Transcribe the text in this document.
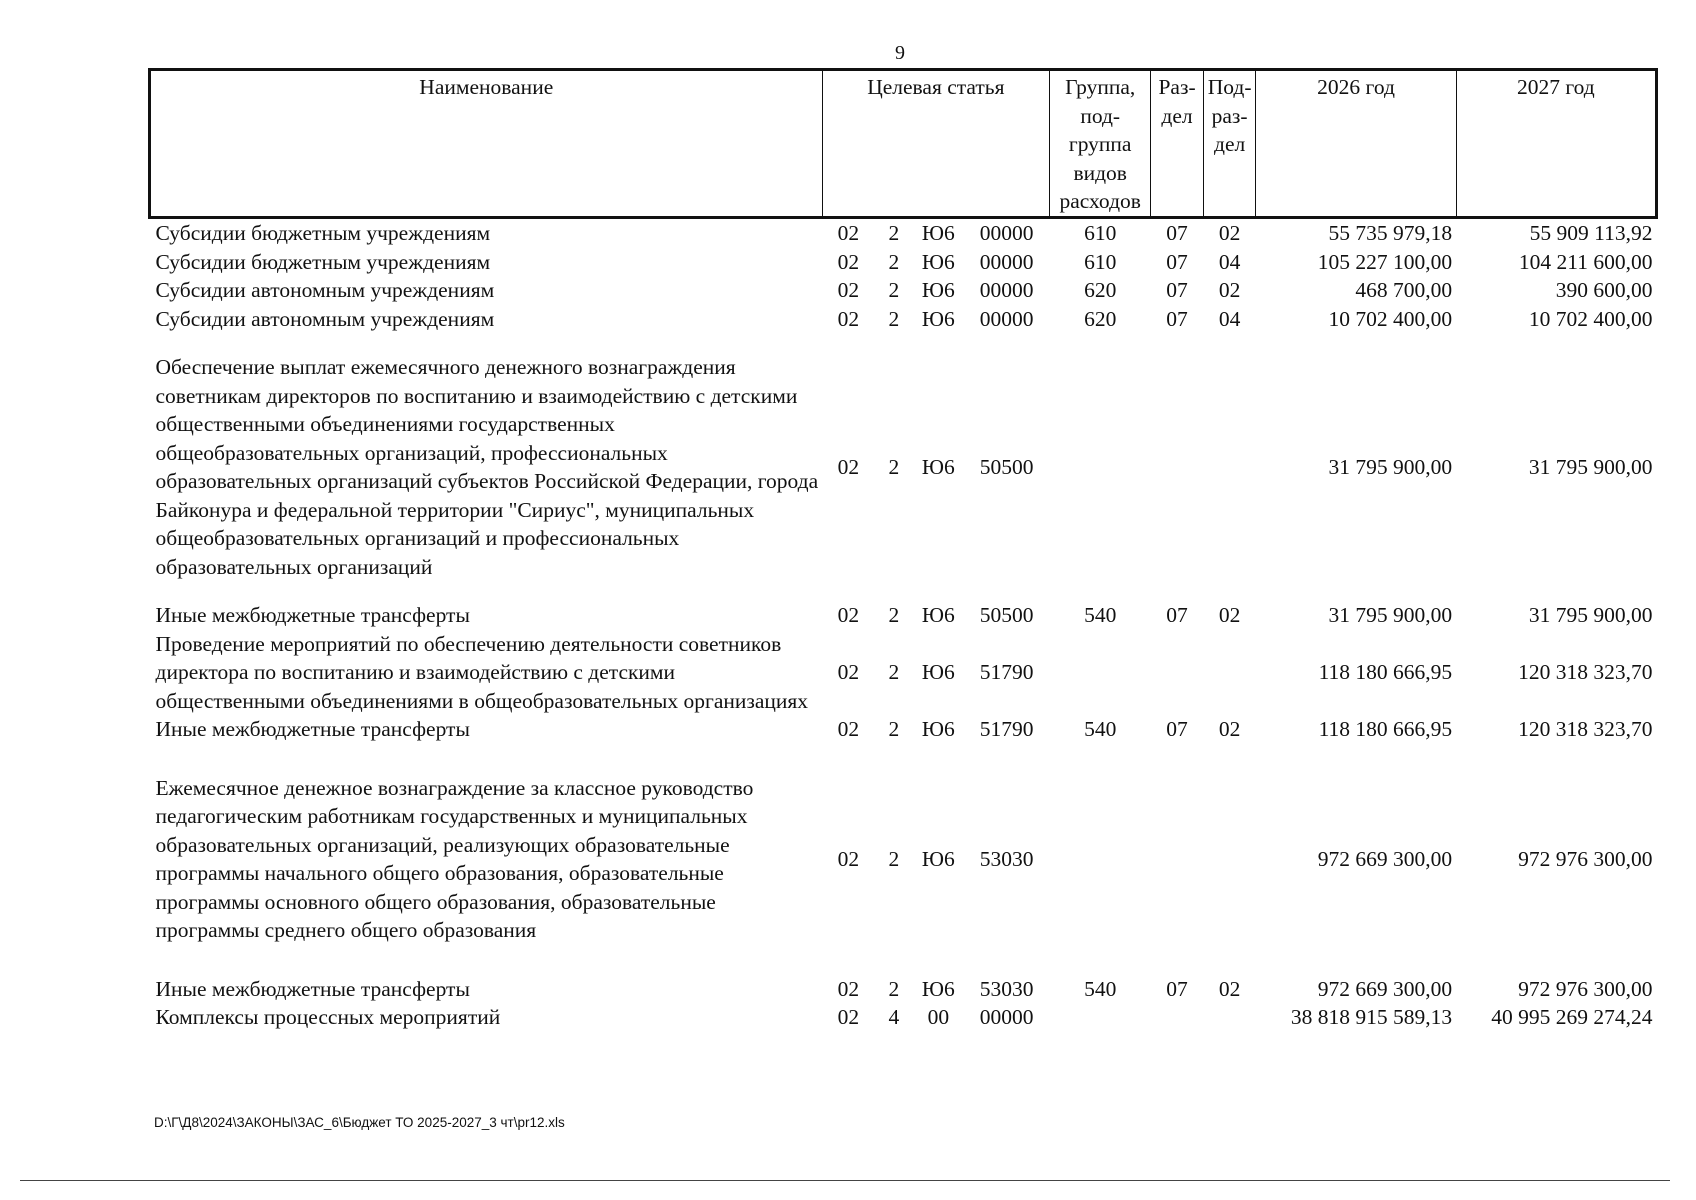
9
Наименование	Целевая статья				Группа, под- группа видов расходов	Раз- дел	Под- раз- дел	2026 год	2027 год
Субсидии бюджетным учреждениям	02	2	Ю6	00000	610	07	02	55 735 979,18	55 909 113,92
Субсидии бюджетным учреждениям	02	2	Ю6	00000	610	07	04	105 227 100,00	104 211 600,00
Субсидии автономным учреждениям	02	2	Ю6	00000	620	07	02	468 700,00	390 600,00
Субсидии автономным учреждениям	02	2	Ю6	00000	620	07	04	10 702 400,00	10 702 400,00
Обеспечение выплат ежемесячного денежного вознаграждения советникам директоров по воспитанию и взаимодействию с детскими общественными объединениями государственных общеобразовательных организаций, профессиональных образовательных организаций субъектов Российской Федерации, города Байконура и федеральной территории "Сириус", муниципальных общеобразовательных организаций и профессиональных образовательных организаций	02	2	Ю6	50500				31 795 900,00	31 795 900,00
Иные межбюджетные трансферты	02	2	Ю6	50500	540	07	02	31 795 900,00	31 795 900,00
Проведение мероприятий по обеспечению деятельности советников директора по воспитанию и взаимодействию с детскими общественными объединениями в общеобразовательных организациях	02	2	Ю6	51790				118 180 666,95	120 318 323,70
Иные межбюджетные трансферты	02	2	Ю6	51790	540	07	02	118 180 666,95	120 318 323,70
Ежемесячное денежное вознаграждение за классное руководство педагогическим работникам государственных и муниципальных образовательных организаций, реализующих образовательные программы начального общего образования, образовательные программы основного общего образования, образовательные программы среднего общего образования	02	2	Ю6	53030				972 669 300,00	972 976 300,00
Иные межбюджетные трансферты	02	2	Ю6	53030	540	07	02	972 669 300,00	972 976 300,00
Комплексы процессных мероприятий	02	4	00	00000				38 818 915 589,13	40 995 269 274,24
D:\Г\Д8\2024\ЗАКОНЫ\ЗАС_6\Бюджет ТО 2025-2027_3 чт\pr12.xls
